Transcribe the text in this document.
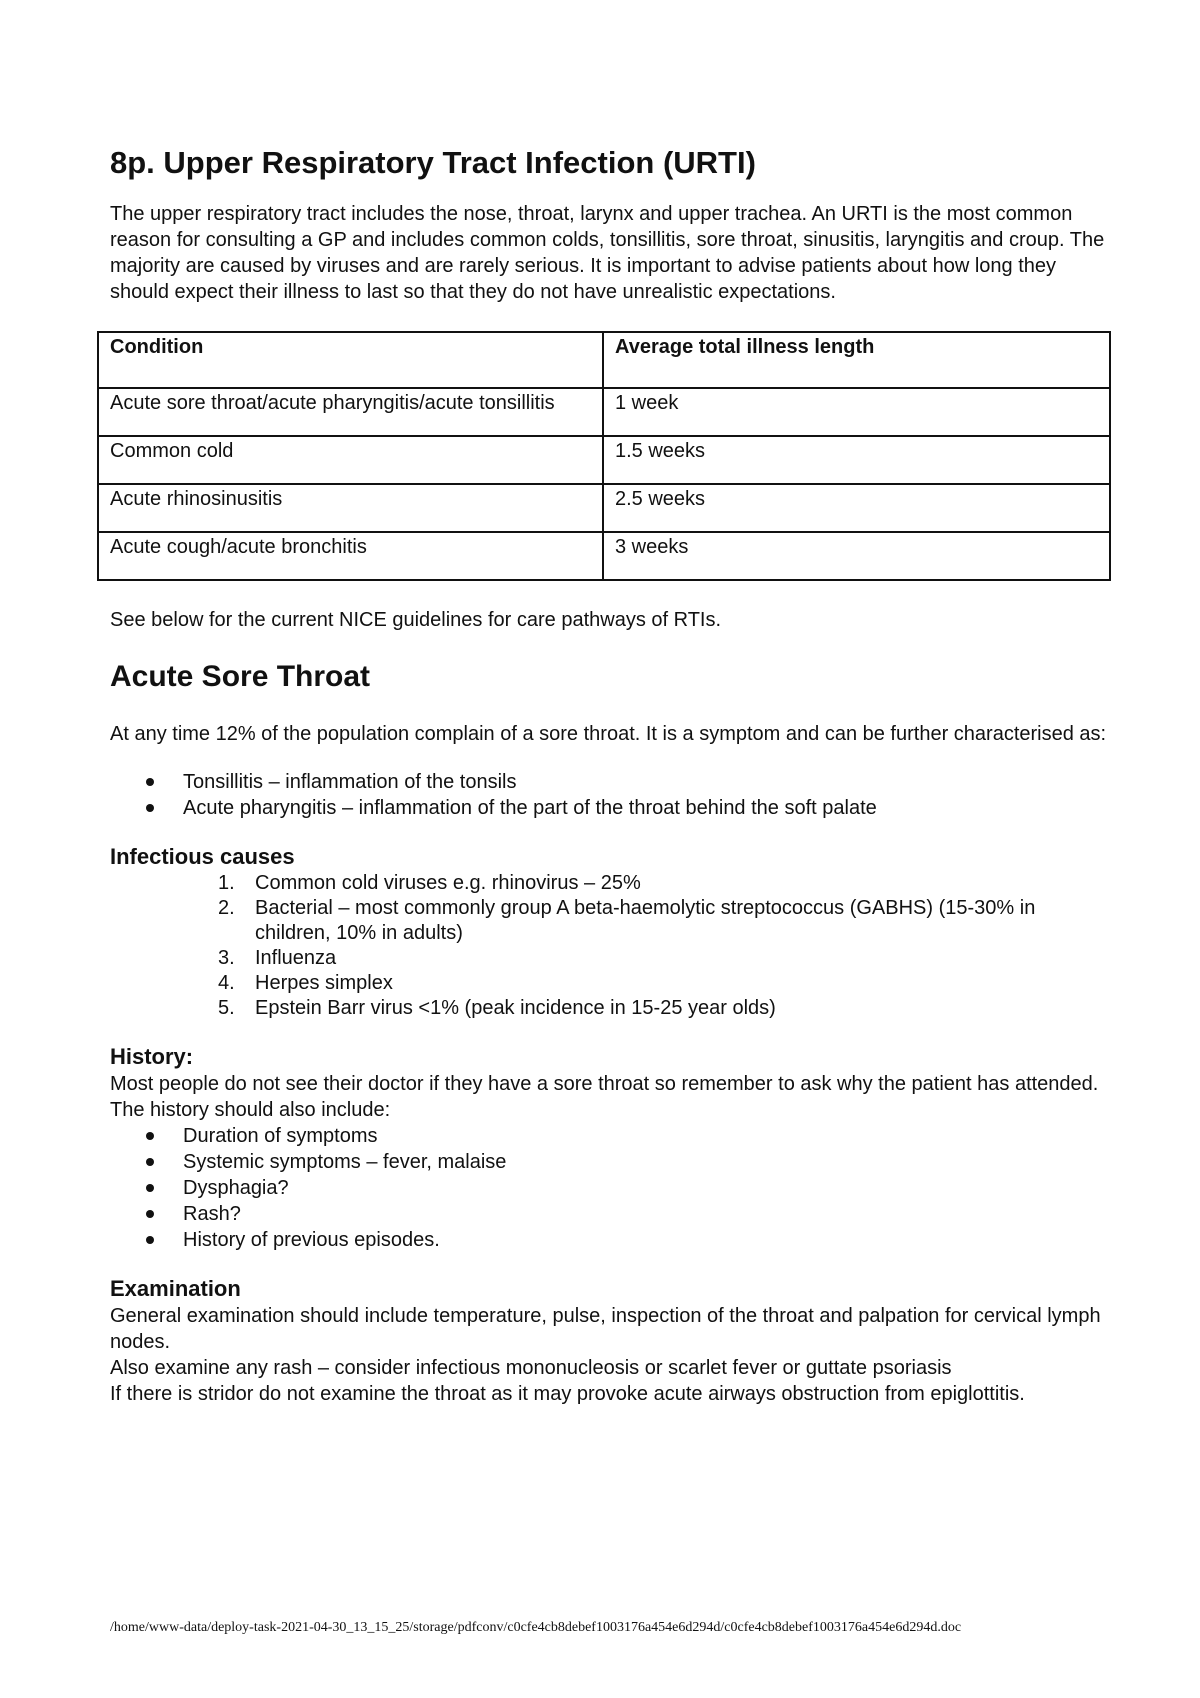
8p. Upper Respiratory Tract Infection (URTI)

The upper respiratory tract includes the nose, throat, larynx and upper trachea. An URTI is the most common reason for consulting a GP and includes common colds, tonsillitis, sore throat, sinusitis, laryngitis and croup. The majority are caused by viruses and are rarely serious. It is important to advise patients about how long they should expect their illness to last so that they do not have unrealistic expectations.

Condition	Average total illness length
Acute sore throat/acute pharyngitis/acute tonsillitis	1 week
Common cold	1.5 weeks
Acute rhinosinusitis	2.5 weeks
Acute cough/acute bronchitis	3 weeks

See below for the current NICE guidelines for care pathways of RTIs.

Acute Sore Throat

At any time 12% of the population complain of a sore throat. It is a symptom and can be further characterised as:

Tonsillitis – inflammation of the tonsils
Acute pharyngitis – inflammation of the part of the throat behind the soft palate
Infectious causes
1. Common cold viruses e.g. rhinovirus – 25%
2. Bacterial – most commonly group A beta-haemolytic streptococcus (GABHS) (15-30% in children, 10% in adults)
3. Influenza
4. Herpes simplex
5. Epstein Barr virus <1% (peak incidence in 15-25 year olds)
History:

Most people do not see their doctor if they have a sore throat so remember to ask why the patient has attended. The history should also include:

Duration of symptoms
Systemic symptoms – fever, malaise
Dysphagia?
Rash?
History of previous episodes.
Examination

General examination should include temperature, pulse, inspection of the throat and palpation for cervical lymph nodes.

Also examine any rash – consider infectious mononucleosis or scarlet fever or guttate psoriasis

If there is stridor do not examine the throat as it may provoke acute airways obstruction from epiglottitis.

/home/www-data/deploy-task-2021-04-30_13_15_25/storage/pdfconv/c0cfe4cb8debef1003176a454e6d294d/c0cfe4cb8debef1003176a454e6d294d.doc
